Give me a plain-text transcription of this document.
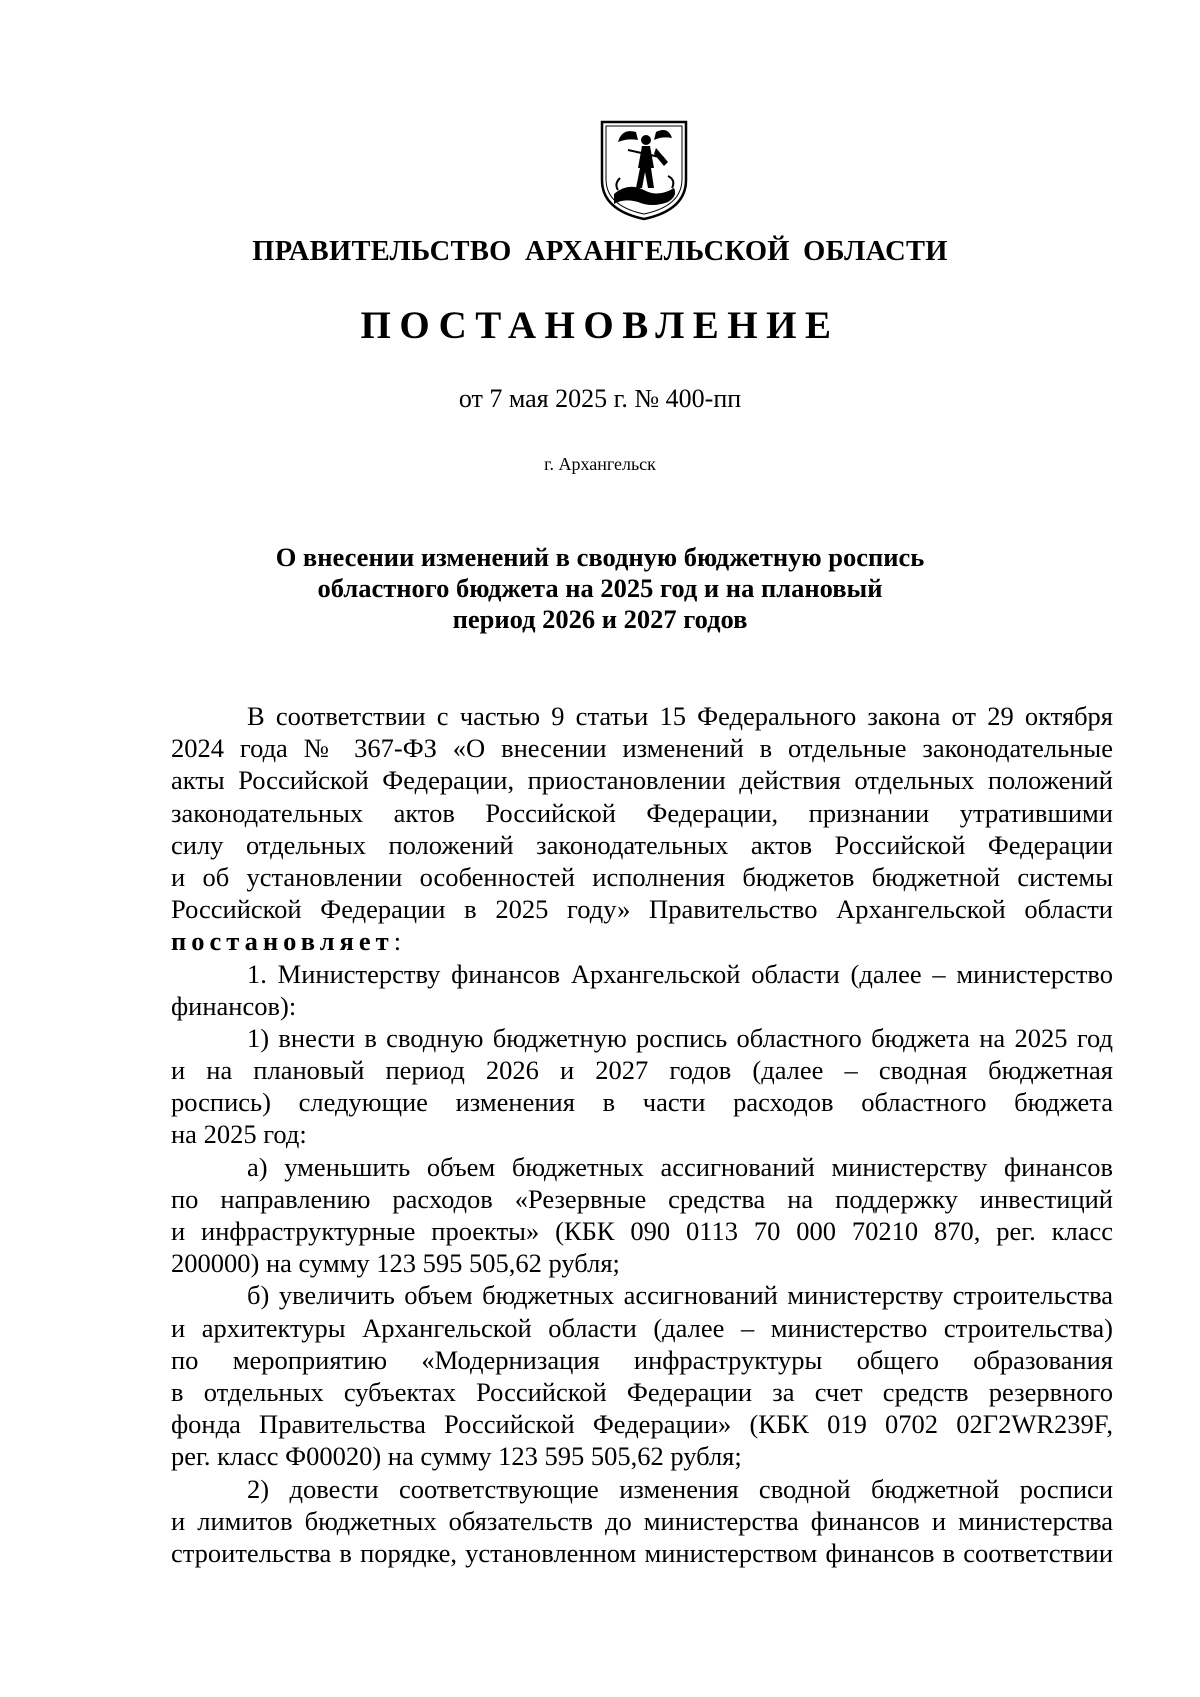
ПРАВИТЕЛЬСТВО АРХАНГЕЛЬСКОЙ ОБЛАСТИ
ПОСТАНОВЛЕНИЕ
от 7 мая 2025 г. № 400-пп
г. Архангельск
О внесении изменений в сводную бюджетную роспись
областного бюджета на 2025 год и на плановый
период 2026 и 2027 годов
В соответствии с частью 9 статьи 15 Федерального закона от 29 октября
2024 года № 367-ФЗ «О внесении изменений в отдельные законодательные
акты Российской Федерации, приостановлении действия отдельных положений
законодательных актов Российской Федерации, признании утратившими
силу отдельных положений законодательных актов Российской Федерации
и об установлении особенностей исполнения бюджетов бюджетной системы
Российской Федерации в 2025 году» Правительство Архангельской области
постановляет:
1. Министерству финансов Архангельской области (далее – министерство
финансов):
1) внести в сводную бюджетную роспись областного бюджета на 2025 год
и на плановый период 2026 и 2027 годов (далее – сводная бюджетная
роспись) следующие изменения в части расходов областного бюджета
на 2025 год:
а) уменьшить объем бюджетных ассигнований министерству финансов
по направлению расходов «Резервные средства на поддержку инвестиций
и инфраструктурные проекты» (КБК 090 0113 70 000 70210 870, рег. класс
200000) на сумму 123 595 505,62 рубля;
б) увеличить объем бюджетных ассигнований министерству строительства
и архитектуры Архангельской области (далее – министерство строительства)
по мероприятию «Модернизация инфраструктуры общего образования
в отдельных субъектах Российской Федерации за счет средств резервного
фонда Правительства Российской Федерации» (КБК 019 0702 02Г2WR239F,
рег. класс Ф00020) на сумму 123 595 505,62 рубля;
2) довести соответствующие изменения сводной бюджетной росписи
и лимитов бюджетных обязательств до министерства финансов и министерства
строительства в порядке, установленном министерством финансов в соответствии
